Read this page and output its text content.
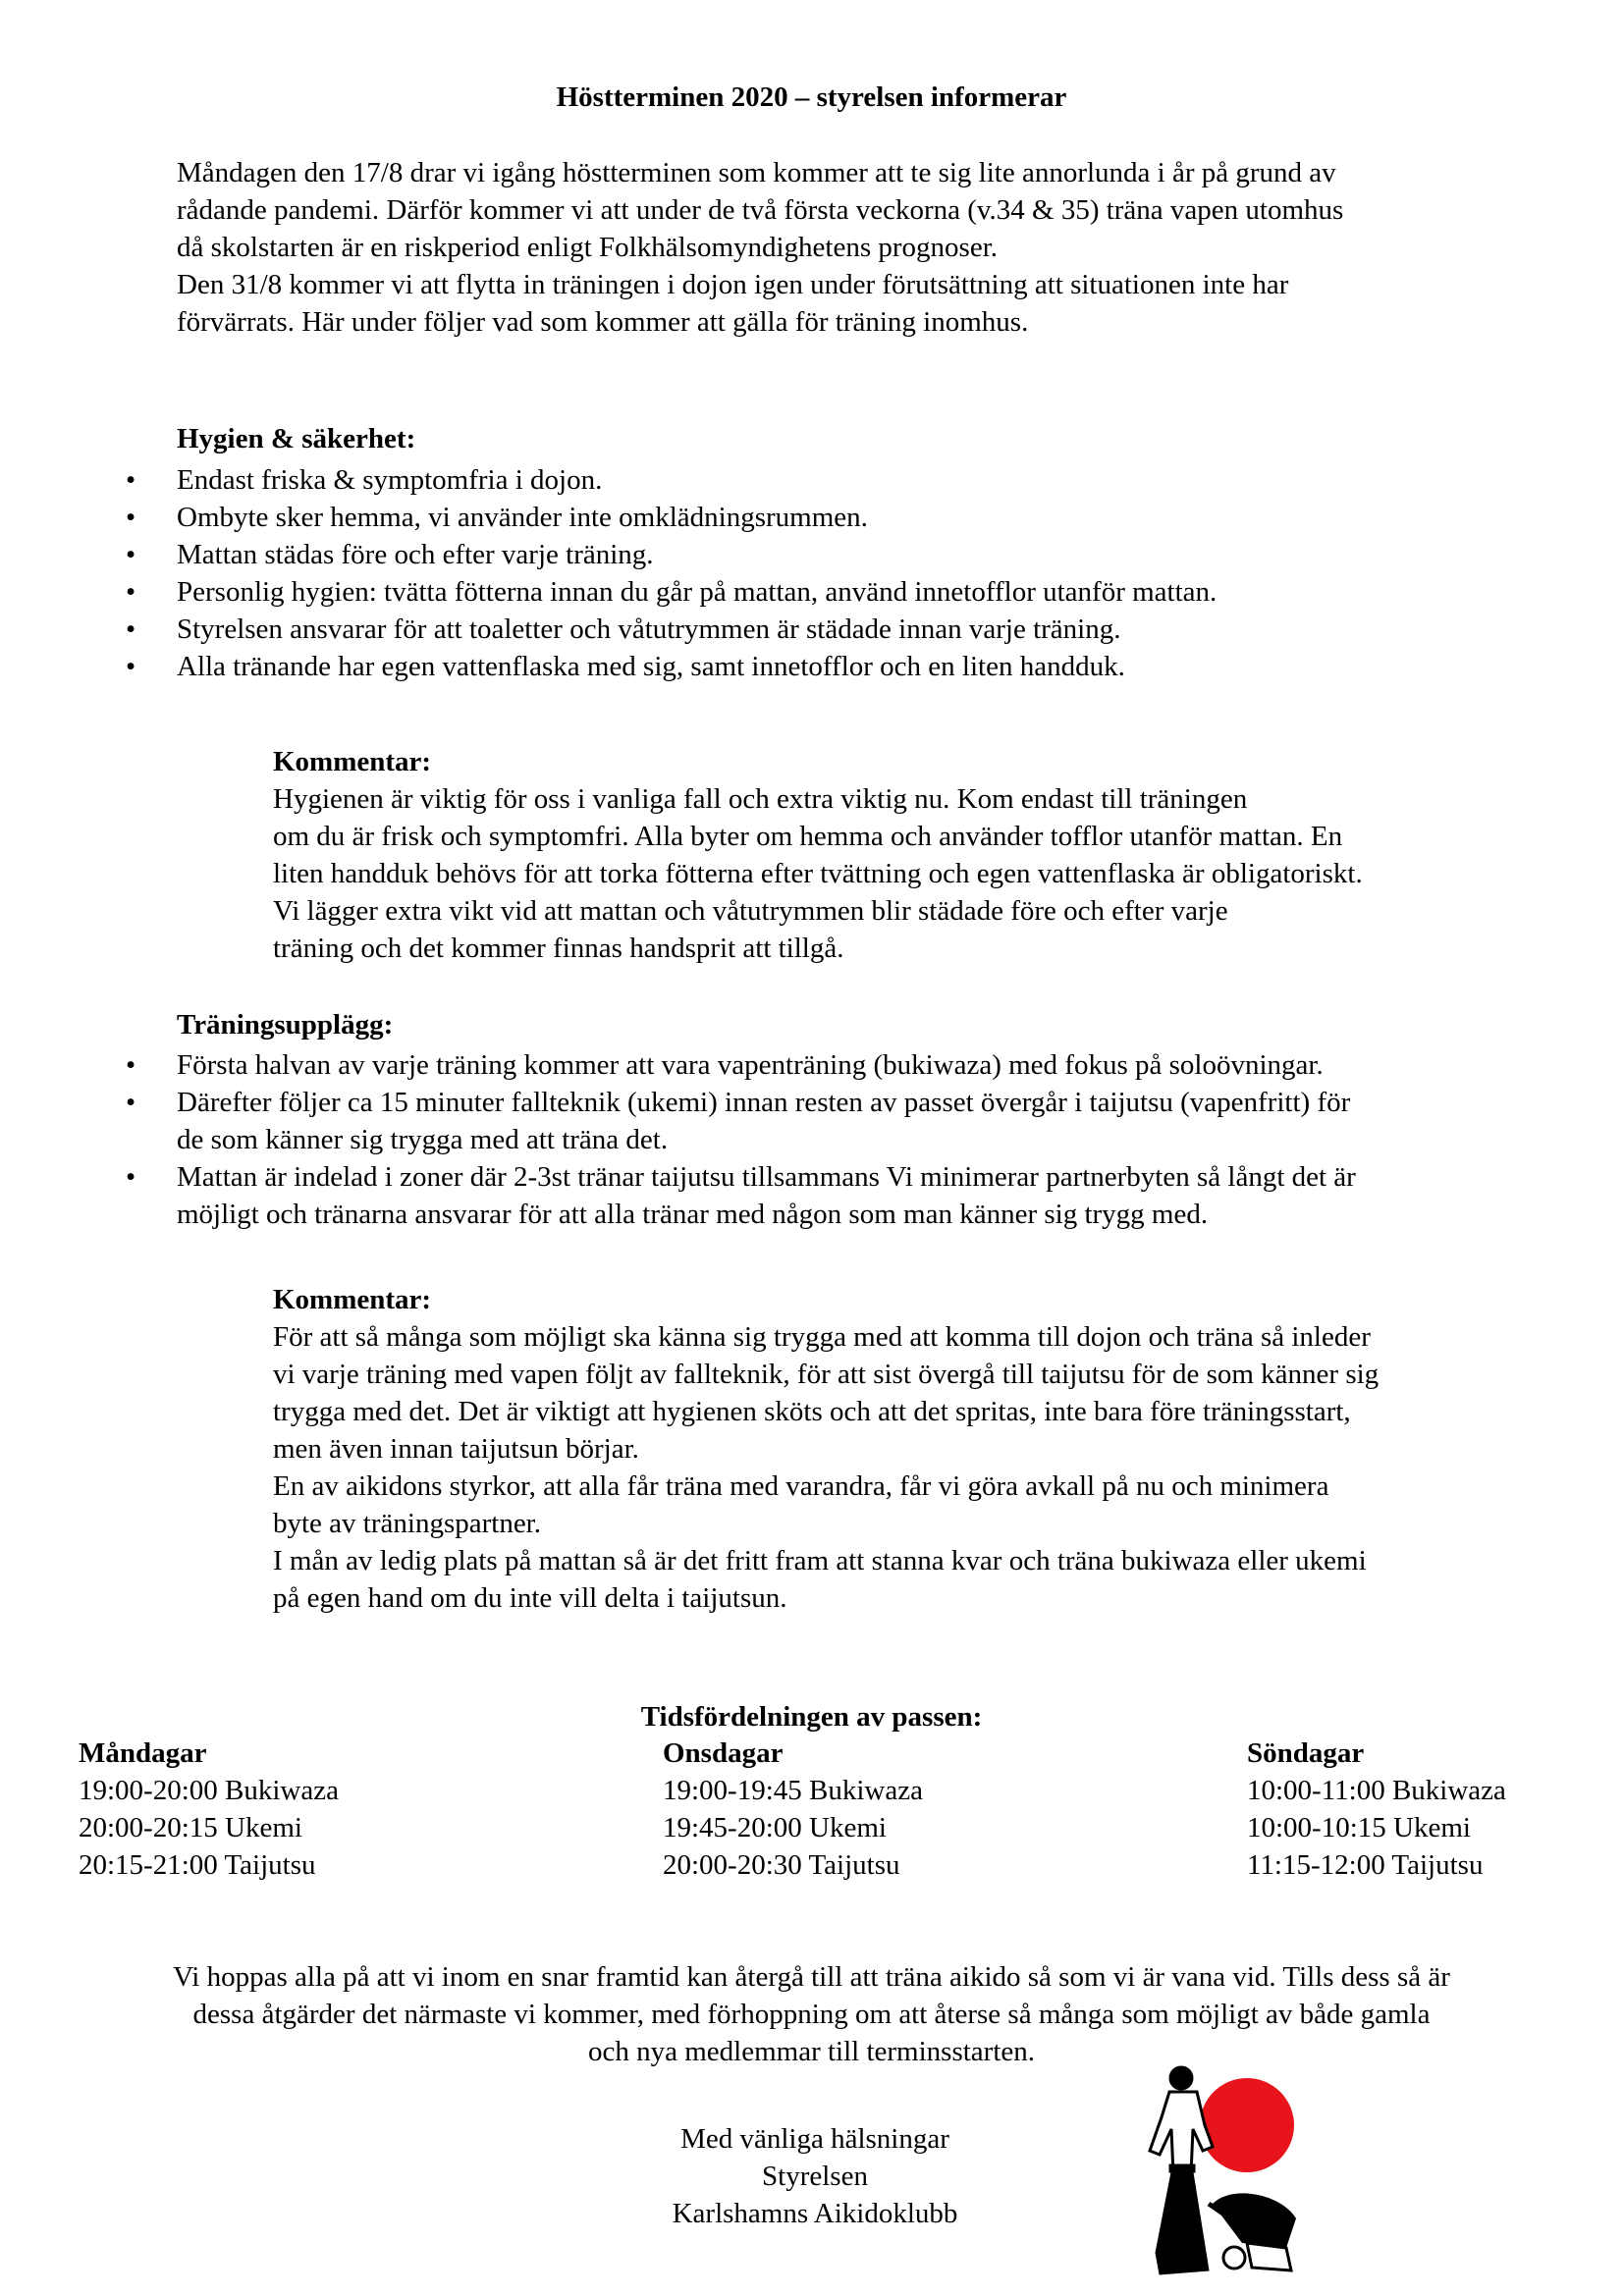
Höstterminen 2020 – styrelsen informerar

Måndagen den 17/8 drar vi igång höstterminen som kommer att te sig lite annorlunda i år på grund av

rådande pandemi. Därför kommer vi att under de två första veckorna (v.34 & 35) träna vapen utomhus

då skolstarten är en riskperiod enligt Folkhälsomyndighetens prognoser.

Den 31/8 kommer vi att flytta in träningen i dojon igen under förutsättning att situationen inte har

förvärrats. Här under följer vad som kommer att gälla för träning inomhus.

Hygien & säkerhet:
• Endast friska & symptomfria i dojon.
• Ombyte sker hemma, vi använder inte omklädningsrummen.
• Mattan städas före och efter varje träning.
• Personlig hygien: tvätta fötterna innan du går på mattan, använd innetofflor utanför mattan.
• Styrelsen ansvarar för att toaletter och våtutrymmen är städade innan varje träning.
• Alla tränande har egen vattenflaska med sig, samt innetofflor och en liten handduk.

Kommentar:

Hygienen är viktig för oss i vanliga fall och extra viktig nu. Kom endast till träningen

om du är frisk och symptomfri. Alla byter om hemma och använder tofflor utanför mattan. En

liten handduk behövs för att torka fötterna efter tvättning och egen vattenflaska är obligatoriskt.

Vi lägger extra vikt vid att mattan och våtutrymmen blir städade före och efter varje

träning och det kommer finnas handsprit att tillgå.

Träningsupplägg:
• Första halvan av varje träning kommer att vara vapenträning (bukiwaza) med fokus på soloövningar.
• Därefter följer ca 15 minuter fallteknik (ukemi) innan resten av passet övergår i taijutsu (vapenfritt) för
de som känner sig trygga med att träna det.
• Mattan är indelad i zoner där 2-3st tränar taijutsu tillsammans Vi minimerar partnerbyten så långt det är
möjligt och tränarna ansvarar för att alla tränar med någon som man känner sig trygg med.

Kommentar:

För att så många som möjligt ska känna sig trygga med att komma till dojon och träna så inleder

vi varje träning med vapen följt av fallteknik, för att sist övergå till taijutsu för de som känner sig

trygga med det. Det är viktigt att hygienen sköts och att det spritas, inte bara före träningsstart,

men även innan taijutsun börjar.

En av aikidons styrkor, att alla får träna med varandra, får vi göra avkall på nu och minimera

byte av träningspartner.

I mån av ledig plats på mattan så är det fritt fram att stanna kvar och träna bukiwaza eller ukemi

på egen hand om du inte vill delta i taijutsun.

Tidsfördelningen av passen:
Måndagar
19:00-20:00 Bukiwaza
20:00-20:15 Ukemi
20:15-21:00 Taijutsu
Onsdagar
19:00-19:45 Bukiwaza
19:45-20:00 Ukemi
20:00-20:30 Taijutsu
Söndagar
10:00-11:00 Bukiwaza
10:00-10:15 Ukemi
11:15-12:00 Taijutsu

Vi hoppas alla på att vi inom en snar framtid kan återgå till att träna aikido så som vi är vana vid. Tills dess så är

dessa åtgärder det närmaste vi kommer, med förhoppning om att återse så många som möjligt av både gamla

och nya medlemmar till terminsstarten.

Med vänliga hälsningar

Styrelsen

Karlshamns Aikidoklubb
